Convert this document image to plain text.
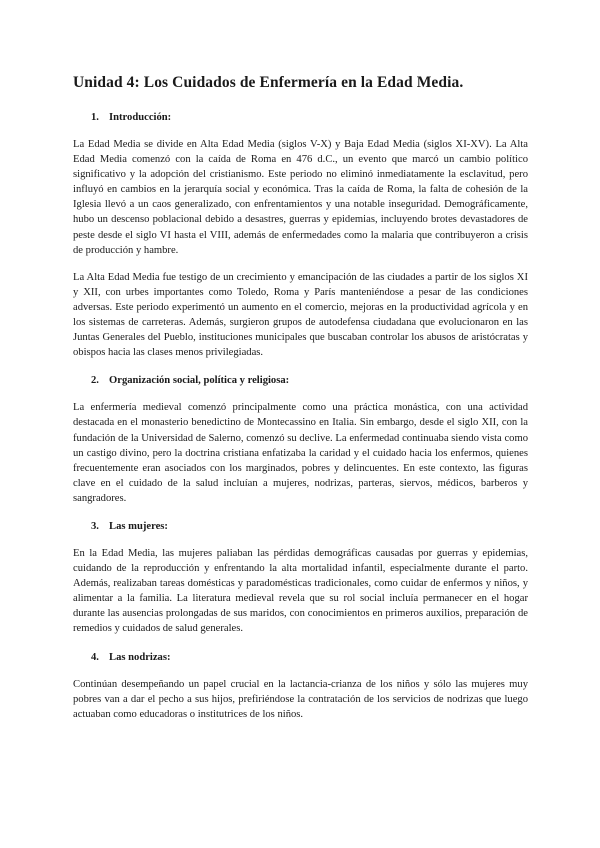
Unidad 4: Los Cuidados de Enfermería en la Edad Media.
1. Introducción:

La Edad Media se divide en Alta Edad Media (siglos V-X) y Baja Edad Media (siglos XI-XV). La Alta Edad Media comenzó con la caída de Roma en 476 d.C., un evento que marcó un cambio político significativo y la adopción del cristianismo. Este periodo no eliminó inmediatamente la esclavitud, pero influyó en cambios en la jerarquía social y económica. Tras la caída de Roma, la falta de cohesión de la Iglesia llevó a un caos generalizado, con enfrentamientos y una notable inseguridad. Demográficamente, hubo un descenso poblacional debido a desastres, guerras y epidemias, incluyendo brotes devastadores de peste desde el siglo VI hasta el VIII, además de enfermedades como la malaria que contribuyeron a crisis de producción y hambre.

La Alta Edad Media fue testigo de un crecimiento y emancipación de las ciudades a partir de los siglos XI y XII, con urbes importantes como Toledo, Roma y París manteniéndose a pesar de las condiciones adversas. Este periodo experimentó un aumento en el comercio, mejoras en la productividad agrícola y en los sistemas de carreteras. Además, surgieron grupos de autodefensa ciudadana que evolucionaron en las Juntas Generales del Pueblo, instituciones municipales que buscaban controlar los abusos de aristócratas y obispos hacia las clases menos privilegiadas.

2. Organización social, política y religiosa:

La enfermería medieval comenzó principalmente como una práctica monástica, con una actividad destacada en el monasterio benedictino de Montecassino en Italia. Sin embargo, desde el siglo XII, con la fundación de la Universidad de Salerno, comenzó su declive. La enfermedad continuaba siendo vista como un castigo divino, pero la doctrina cristiana enfatizaba la caridad y el cuidado hacia los enfermos, quienes frecuentemente eran asociados con los marginados, pobres y delincuentes. En este contexto, las figuras clave en el cuidado de la salud incluían a mujeres, nodrizas, parteras, siervos, médicos, barberos y sangradores.

3. Las mujeres:

En la Edad Media, las mujeres paliaban las pérdidas demográficas causadas por guerras y epidemias, cuidando de la reproducción y enfrentando la alta mortalidad infantil, especialmente durante el parto. Además, realizaban tareas domésticas y paradomésticas tradicionales, como cuidar de enfermos y niños, y alimentar a la familia. La literatura medieval revela que su rol social incluía permanecer en el hogar durante las ausencias prolongadas de sus maridos, con conocimientos en primeros auxilios, preparación de remedios y cuidados de salud generales.

4. Las nodrizas:

Continúan desempeñando un papel crucial en la lactancia-crianza de los niños y sólo las mujeres muy pobres van a dar el pecho a sus hijos, prefiriéndose la contratación de los servicios de nodrizas que luego actuaban como educadoras o institutrices de los niños.
